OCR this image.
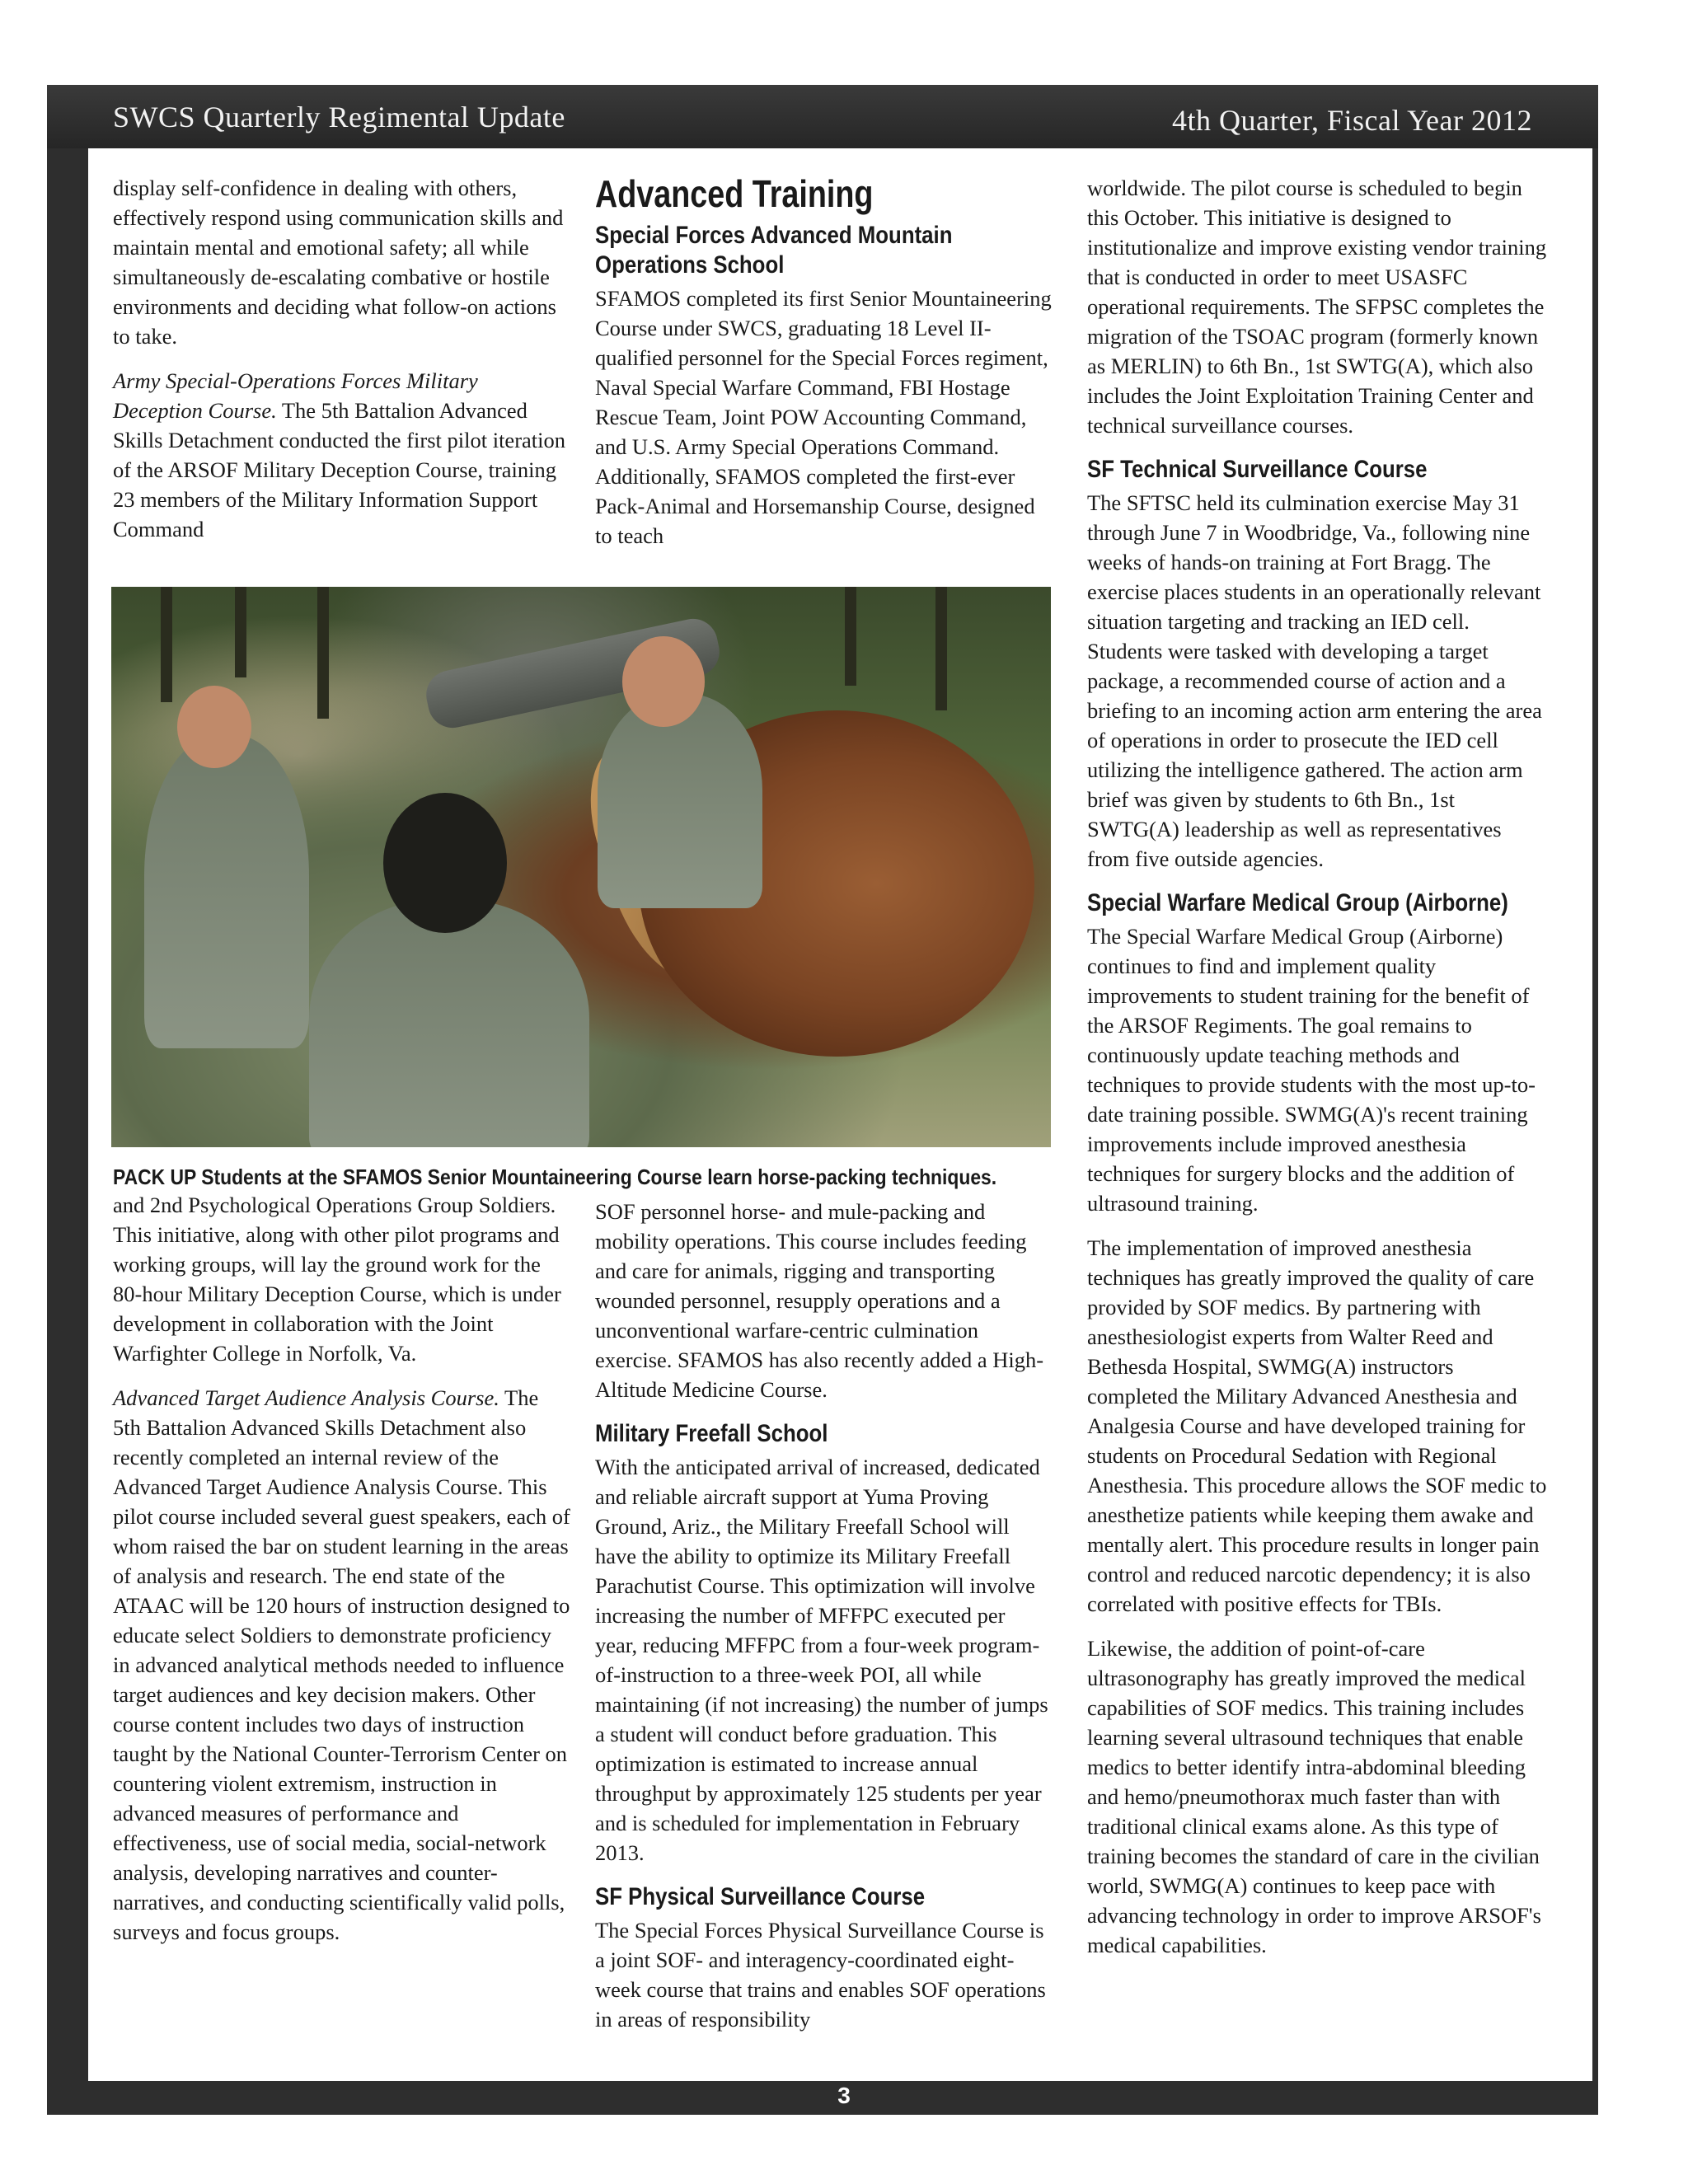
SWCS Quarterly Regimental Update	4th Quarter, Fiscal Year 2012

display self-confidence in dealing with others, effectively respond using communication skills and maintain mental and emotional safety; all while simultaneously de-escalating combative or hostile environments and deciding what follow-on actions to take.

Army Special-Operations Forces Military Deception Course. The 5th Battalion Advanced Skills Detachment conducted the first pilot iteration of the ARSOF Military Deception Course, training 23 members of the Military Information Support Command

Advanced Training
Special Forces Advanced Mountain Operations School

SFAMOS completed its first Senior Mountaineering Course under SWCS, graduating 18 Level II-qualified personnel for the Special Forces regiment, Naval Special Warfare Command, FBI Hostage Rescue Team, Joint POW Accounting Command, and U.S. Army Special Operations Command. Additionally, SFAMOS completed the first-ever Pack-Animal and Horsemanship Course, designed to teach

PACK UP Students at the SFAMOS Senior Mountaineering Course learn horse-packing techniques.

and 2nd Psychological Operations Group Soldiers. This initiative, along with other pilot programs and working groups, will lay the ground work for the 80-hour Military Deception Course, which is under development in collaboration with the Joint Warfighter College in Norfolk, Va.

Advanced Target Audience Analysis Course. The 5th Battalion Advanced Skills Detachment also recently completed an internal review of the Advanced Target Audience Analysis Course. This pilot course included several guest speakers, each of whom raised the bar on student learning in the areas of analysis and research. The end state of the ATAAC will be 120 hours of instruction designed to educate select Soldiers to demonstrate proficiency in advanced analytical methods needed to influence target audiences and key decision makers. Other course content includes two days of instruction taught by the National Counter-Terrorism Center on countering violent extremism, instruction in advanced measures of performance and effectiveness, use of social media, social-network analysis, developing narratives and counter-narratives, and conducting scientifically valid polls, surveys and focus groups.

SOF personnel horse- and mule-packing and mobility operations. This course includes feeding and care for animals, rigging and transporting wounded personnel, resupply operations and a unconventional warfare-centric culmination exercise. SFAMOS has also recently added a High-Altitude Medicine Course.

Military Freefall School

With the anticipated arrival of increased, dedicated and reliable aircraft support at Yuma Proving Ground, Ariz., the Military Freefall School will have the ability to optimize its Military Freefall Parachutist Course. This optimization will involve increasing the number of MFFPC executed per year, reducing MFFPC from a four-week program-of-instruction to a three-week POI, all while maintaining (if not increasing) the number of jumps a student will conduct before graduation. This optimization is estimated to increase annual throughput by approximately 125 students per year and is scheduled for implementation in February 2013.

SF Physical Surveillance Course

The Special Forces Physical Surveillance Course is a joint SOF- and interagency-coordinated eight-week course that trains and enables SOF operations in areas of responsibility

worldwide. The pilot course is scheduled to begin this October. This initiative is designed to institutionalize and improve existing vendor training that is conducted in order to meet USASFC operational requirements. The SFPSC completes the migration of the TSOAC program (formerly known as MERLIN) to 6th Bn., 1st SWTG(A), which also includes the Joint Exploitation Training Center and technical surveillance courses.

SF Technical Surveillance Course

The SFTSC held its culmination exercise May 31 through June 7 in Woodbridge, Va., following nine weeks of hands-on training at Fort Bragg. The exercise places students in an operationally relevant situation targeting and tracking an IED cell. Students were tasked with developing a target package, a recommended course of action and a briefing to an incoming action arm entering the area of operations in order to prosecute the IED cell utilizing the intelligence gathered. The action arm brief was given by students to 6th Bn., 1st SWTG(A) leadership as well as representatives from five outside agencies.

Special Warfare Medical Group (Airborne)

The Special Warfare Medical Group (Airborne) continues to find and implement quality improvements to student training for the benefit of the ARSOF Regiments. The goal remains to continuously update teaching methods and techniques to provide students with the most up-to-date training possible. SWMG(A)'s recent training improvements include improved anesthesia techniques for surgery blocks and the addition of ultrasound training.

The implementation of improved anesthesia techniques has greatly improved the quality of care provided by SOF medics. By partnering with anesthesiologist experts from Walter Reed and Bethesda Hospital, SWMG(A) instructors completed the Military Advanced Anesthesia and Analgesia Course and have developed training for students on Procedural Sedation with Regional Anesthesia. This procedure allows the SOF medic to anesthetize patients while keeping them awake and mentally alert. This procedure results in longer pain control and reduced narcotic dependency; it is also correlated with positive effects for TBIs.

Likewise, the addition of point-of-care ultrasonography has greatly improved the medical capabilities of SOF medics. This training includes learning several ultrasound techniques that enable medics to better identify intra-abdominal bleeding and hemo/pneumothorax much faster than with traditional clinical exams alone. As this type of training becomes the standard of care in the civilian world, SWMG(A) continues to keep pace with advancing technology in order to improve ARSOF's medical capabilities.

3
